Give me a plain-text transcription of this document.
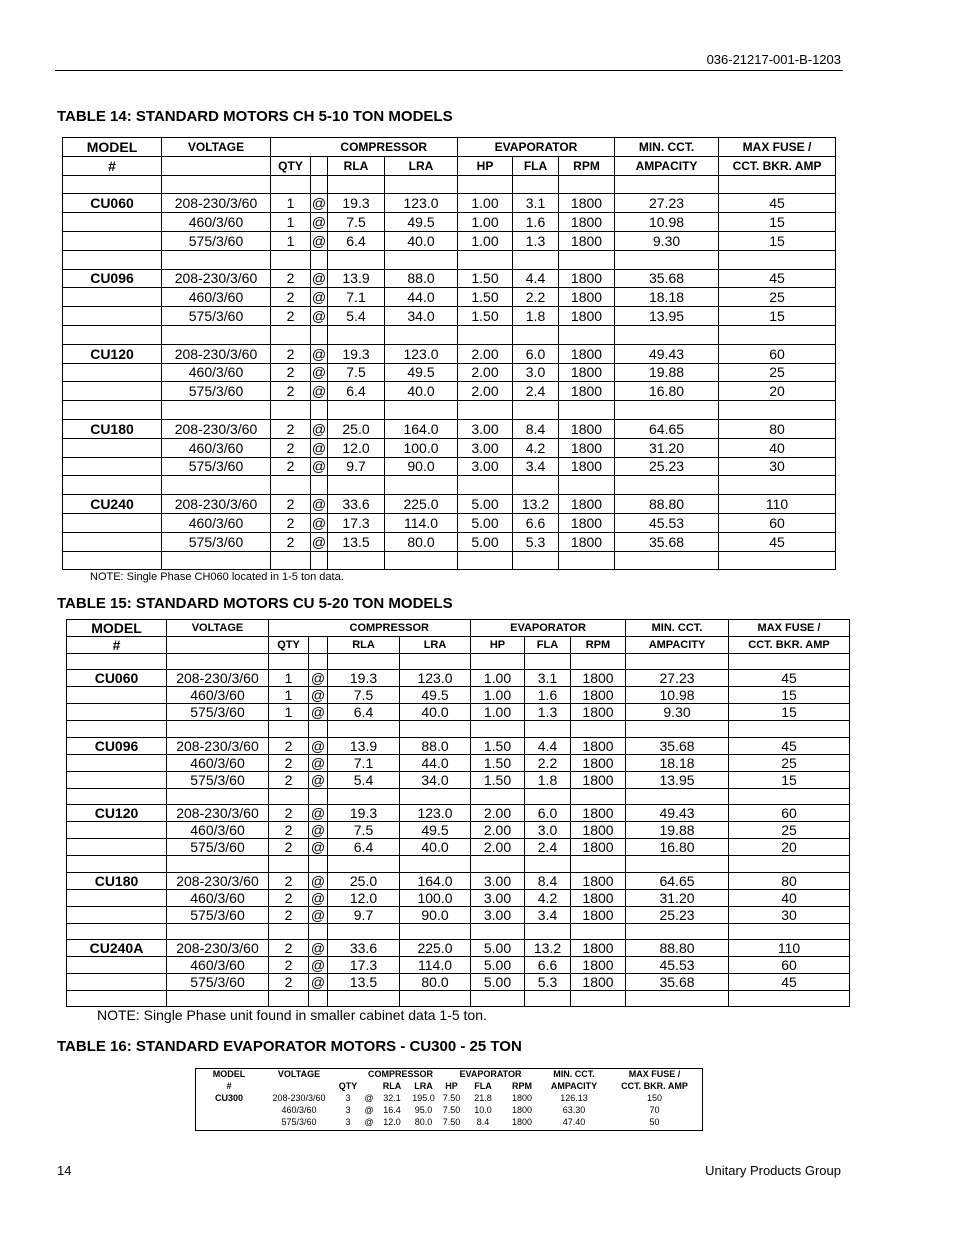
036-21217-001-B-1203
TABLE 14: STANDARD MOTORS CH 5-10 TON MODELS
MODEL	VOLTAGE		COMPRESSOR			EVAPORATOR			MIN. CCT.	MAX FUSE /
#		QTY		RLA	LRA	HP	FLA	RPM	AMPACITY	CCT. BKR. AMP

CU060	208-230/3/60	1	@	19.3	123.0	1.00	3.1	1800	27.23	45
	460/3/60	1	@	7.5	49.5	1.00	1.6	1800	10.98	15
	575/3/60	1	@	6.4	40.0	1.00	1.3	1800	9.30	15

CU096	208-230/3/60	2	@	13.9	88.0	1.50	4.4	1800	35.68	45
	460/3/60	2	@	7.1	44.0	1.50	2.2	1800	18.18	25
	575/3/60	2	@	5.4	34.0	1.50	1.8	1800	13.95	15

CU120	208-230/3/60	2	@	19.3	123.0	2.00	6.0	1800	49.43	60
	460/3/60	2	@	7.5	49.5	2.00	3.0	1800	19.88	25
	575/3/60	2	@	6.4	40.0	2.00	2.4	1800	16.80	20

CU180	208-230/3/60	2	@	25.0	164.0	3.00	8.4	1800	64.65	80
	460/3/60	2	@	12.0	100.0	3.00	4.2	1800	31.20	40
	575/3/60	2	@	9.7	90.0	3.00	3.4	1800	25.23	30

CU240	208-230/3/60	2	@	33.6	225.0	5.00	13.2	1800	88.80	110
	460/3/60	2	@	17.3	114.0	5.00	6.6	1800	45.53	60
	575/3/60	2	@	13.5	80.0	5.00	5.3	1800	35.68	45

NOTE: Single Phase CH060 located in 1-5 ton data.
TABLE 15: STANDARD MOTORS CU 5-20 TON MODELS
MODEL	VOLTAGE		COMPRESSOR			EVAPORATOR			MIN. CCT.	MAX FUSE /
#		QTY		RLA	LRA	HP	FLA	RPM	AMPACITY	CCT. BKR. AMP

CU060	208-230/3/60	1	@	19.3	123.0	1.00	3.1	1800	27.23	45
	460/3/60	1	@	7.5	49.5	1.00	1.6	1800	10.98	15
	575/3/60	1	@	6.4	40.0	1.00	1.3	1800	9.30	15

CU096	208-230/3/60	2	@	13.9	88.0	1.50	4.4	1800	35.68	45
	460/3/60	2	@	7.1	44.0	1.50	2.2	1800	18.18	25
	575/3/60	2	@	5.4	34.0	1.50	1.8	1800	13.95	15

CU120	208-230/3/60	2	@	19.3	123.0	2.00	6.0	1800	49.43	60
	460/3/60	2	@	7.5	49.5	2.00	3.0	1800	19.88	25
	575/3/60	2	@	6.4	40.0	2.00	2.4	1800	16.80	20

CU180	208-230/3/60	2	@	25.0	164.0	3.00	8.4	1800	64.65	80
	460/3/60	2	@	12.0	100.0	3.00	4.2	1800	31.20	40
	575/3/60	2	@	9.7	90.0	3.00	3.4	1800	25.23	30

CU240A	208-230/3/60	2	@	33.6	225.0	5.00	13.2	1800	88.80	110
	460/3/60	2	@	17.3	114.0	5.00	6.6	1800	45.53	60
	575/3/60	2	@	13.5	80.0	5.00	5.3	1800	35.68	45

NOTE: Single Phase unit found in smaller cabinet data 1-5 ton.
TABLE 16: STANDARD EVAPORATOR MOTORS - CU300 - 25 TON
MODEL	VOLTAGE		COMPRESSOR			EVAPORATOR			MIN. CCT.	MAX FUSE /
#		QTY		RLA	LRA	HP	FLA	RPM	AMPACITY	CCT. BKR. AMP
CU300	208-230/3/60	3	@	32.1	195.0	7.50	21.8	1800	126.13	150
	460/3/60	3	@	16.4	95.0	7.50	10.0	1800	63.30	70
	575/3/60	3	@	12.0	80.0	7.50	8.4	1800	47.40	50
14	Unitary Products Group
